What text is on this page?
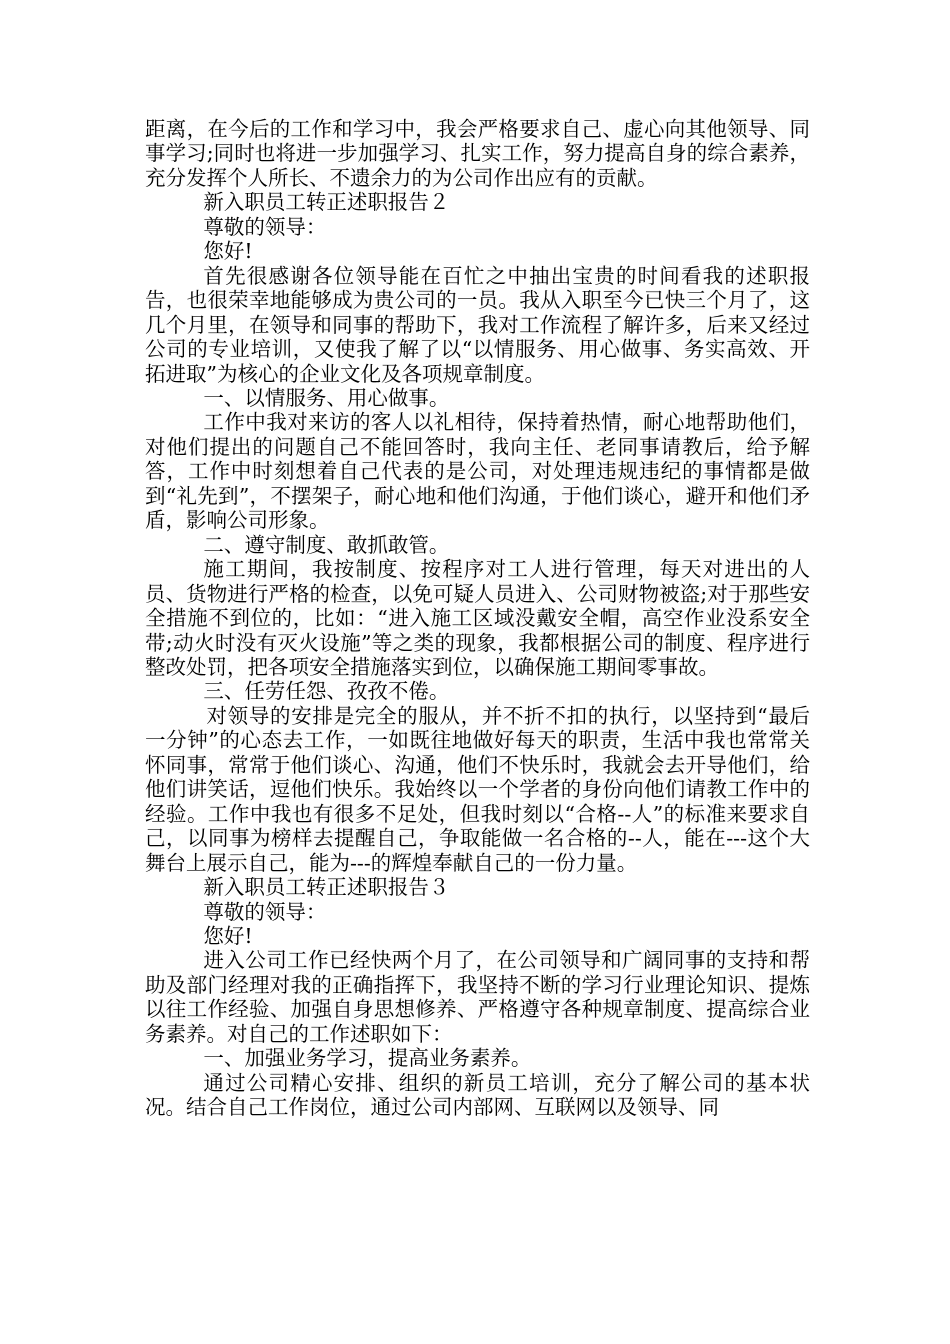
距离，在今后的工作和学习中，我会严格要求自己、虚心向其他领导、同事学习;同时也将进一步加强学习、扎实工作，努力提高自身的综合素养，充分发挥个人所长、不遗余力的为公司作出应有的贡献。

新入职员工转正述职报告２

尊敬的领导：

您好!

首先很感谢各位领导能在百忙之中抽出宝贵的时间看我的述职报告，也很荣幸地能够成为贵公司的一员。我从入职至今已快三个月了，这几个月里，在领导和同事的帮助下，我对工作流程了解许多，后来又经过公司的专业培训，又使我了解了以“以情服务、用心做事、务实高效、开拓进取”为核心的企业文化及各项规章制度。

一、以情服务、用心做事。

工作中我对来访的客人以礼相待，保持着热情，耐心地帮助他们，对他们提出的问题自己不能回答时，我向主任、老同事请教后，给予解答，工作中时刻想着自己代表的是公司，对处理违规违纪的事情都是做到“礼先到”，不摆架子，耐心地和他们沟通，于他们谈心，避开和他们矛盾，影响公司形象。

二、遵守制度、敢抓敢管。

施工期间，我按制度、按程序对工人进行管理，每天对进出的人员、货物进行严格的检查，以免可疑人员进入、公司财物被盗;对于那些安全措施不到位的，比如：“进入施工区域没戴安全帽，高空作业没系安全带;动火时没有灭火设施”等之类的现象，我都根据公司的制度、程序进行整改处罚，把各项安全措施落实到位，以确保施工期间零事故。

三、任劳任怨、孜孜不倦。

对领导的安排是完全的服从，并不折不扣的执行，以坚持到“最后一分钟”的心态去工作，一如既往地做好每天的职责，生活中我也常常关怀同事，常常于他们谈心、沟通，他们不快乐时，我就会去开导他们，给他们讲笑话，逗他们快乐。我始终以一个学者的身份向他们请教工作中的经验。工作中我也有很多不足处，但我时刻以“合格--人”的标准来要求自己，以同事为榜样去提醒自己，争取能做一名合格的--人，能在---这个大舞台上展示自己，能为---的辉煌奉献自己的一份力量。

新入职员工转正述职报告３

尊敬的领导：

您好!

进入公司工作已经快两个月了，在公司领导和广阔同事的支持和帮助及部门经理对我的正确指挥下，我坚持不断的学习行业理论知识、提炼以往工作经验、加强自身思想修养、严格遵守各种规章制度、提高综合业务素养。对自己的工作述职如下：

一、加强业务学习，提高业务素养。

通过公司精心安排、组织的新员工培训，充分了解公司的基本状况。结合自己工作岗位，通过公司内部网、互联网以及领导、同
